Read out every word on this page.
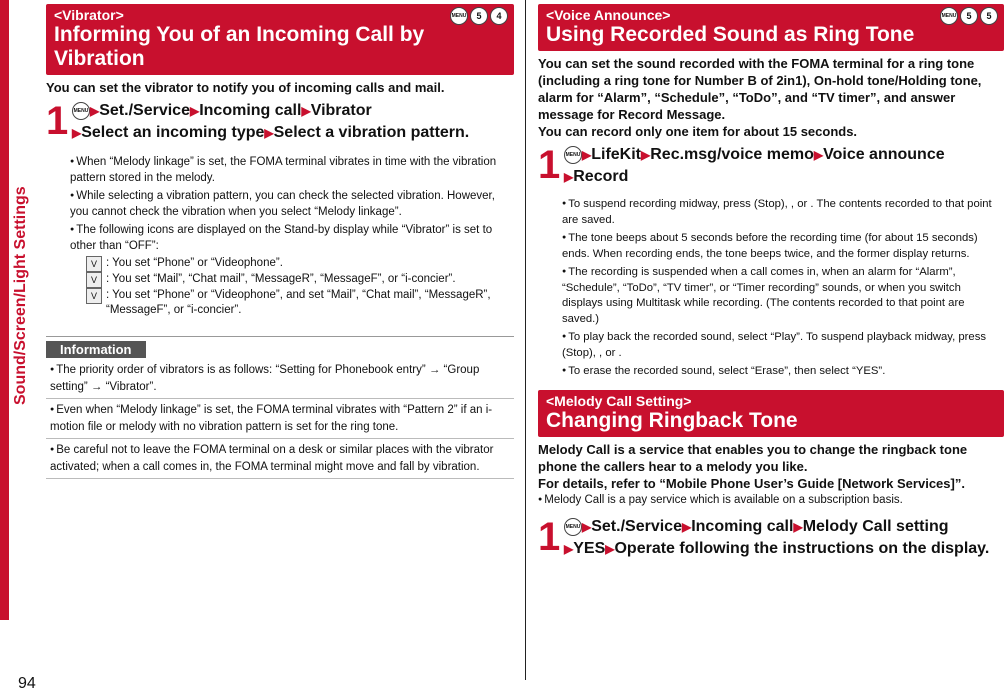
Sound/Screen/Light Settings
94
<Vibrator>
Informing You of an Incoming Call by Vibration
MENU	5	4
You can set the vibrator to notify you of incoming calls and mail.
1	MENU ▶Set./Service▶Incoming call▶Vibrator
▶Select an incoming type▶Select a vibration pattern.

● When “Melody linkage” is set, the FOMA terminal vibrates in time with the vibration pattern stored in the melody.

● While selecting a vibration pattern, you can check the selected vibration. However, you cannot check the vibration when you select “Melody linkage”.

● The following icons are displayed on the Stand-by display while “Vibrator” is set to other than “OFF”:

V : You set “Phone” or “Videophone”.
V : You set “Mail”, “Chat mail”, “MessageR”, “MessageF”, or “i-concier”.
V : You set “Phone” or “Videophone”, and set “Mail”, “Chat mail”, “MessageR”, “MessageF”, or “i-concier”.
Information
● The priority order of vibrators is as follows: “Setting for Phonebook entry” → “Group setting” → “Vibrator”.
● Even when “Melody linkage” is set, the FOMA terminal vibrates with “Pattern 2” if an i-motion file or melody with no vibration pattern is set for the ring tone.
● Be careful not to leave the FOMA terminal on a desk or similar places with the vibrator activated; when a call comes in, the FOMA terminal might move and fall by vibration.
<Voice Announce>
Using Recorded Sound as Ring Tone
MENU	5	5
You can set the sound recorded with the FOMA terminal for a ring tone (including a ring tone for Number B of 2in1), On-hold tone/Holding tone, alarm for “Alarm”, “Schedule”, “ToDo”, and “TV timer”, and answer message for Record Message.
You can record only one item for about 15 seconds.
1	MENU ▶LifeKit▶Rec.msg/voice memo▶Voice announce
▶Record

● To suspend recording midway, press (Stop), , or . The contents recorded to that point are saved.

● The tone beeps about 5 seconds before the recording time (for about 15 seconds) ends. When recording ends, the tone beeps twice, and the former display returns.

● The recording is suspended when a call comes in, when an alarm for “Alarm”, “Schedule”, “ToDo”, “TV timer”, or “Timer recording” sounds, or when you switch displays using Multitask while recording. (The contents recorded to that point are saved.)

● To play back the recorded sound, select “Play”. To suspend playback midway, press (Stop), , or .

● To erase the recorded sound, select “Erase”, then select “YES”.

<Melody Call Setting>
Changing Ringback Tone
Melody Call is a service that enables you to change the ringback tone phone the callers hear to a melody you like.
For details, refer to “Mobile Phone User’s Guide [Network Services]”.

● Melody Call is a pay service which is available on a subscription basis.

1	MENU ▶Set./Service▶Incoming call▶Melody Call setting
▶YES▶Operate following the instructions on the display.
